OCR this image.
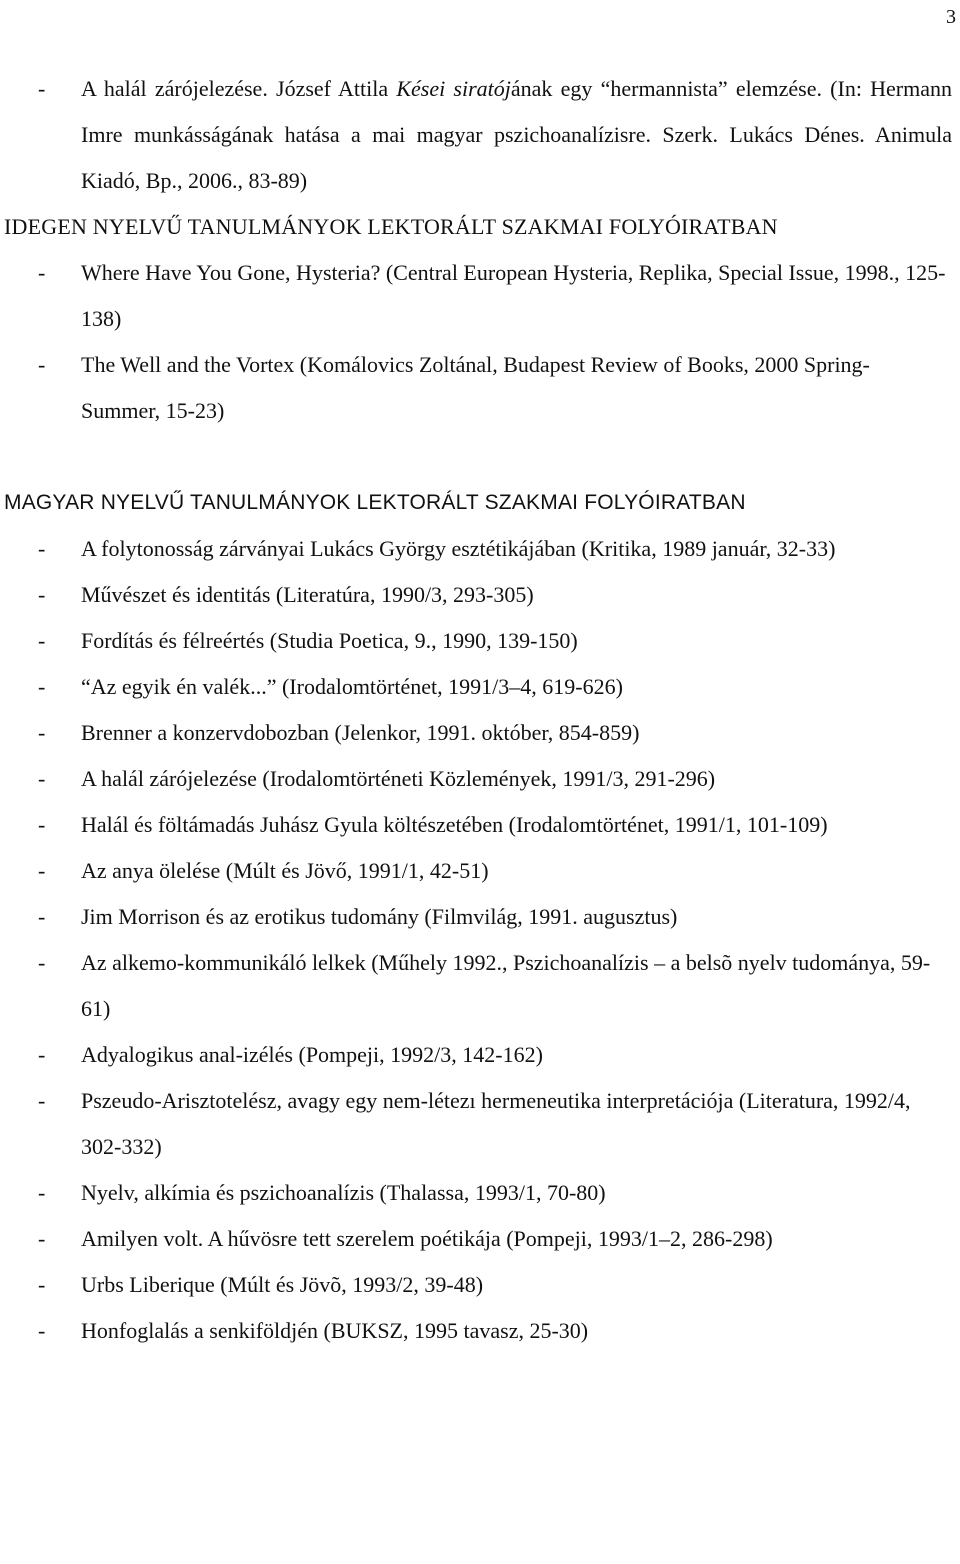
3

- A halál zárójelezése. József Attila Kései siratójának egy “hermannista” elemzése. (In: Hermann Imre munkásságának hatása a mai magyar pszichoanalízisre. Szerk. Lukács Dénes. Animula Kiadó, Bp., 2006., 83-89)

IDEGEN NYELVŰ TANULMÁNYOK LEKTORÁLT SZAKMAI FOLYÓIRATBAN

- Where Have You Gone, Hysteria? (Central European Hysteria, Replika, Special Issue, 1998., 125-138)

- The Well and the Vortex (Komálovics Zoltánal, Budapest Review of Books, 2000 Spring- Summer, 15-23)

MAGYAR NYELVŰ TANULMÁNYOK LEKTORÁLT SZAKMAI FOLYÓIRATBAN

- A folytonosság zárványai Lukács György esztétikájában (Kritika, 1989 január, 32-33)

- Művészet és identitás (Literatúra, 1990/3, 293-305)

- Fordítás és félreértés (Studia Poetica, 9., 1990, 139-150)

- “Az egyik én valék...” (Irodalomtörténet, 1991/3–4, 619-626)

- Brenner a konzervdobozban (Jelenkor, 1991. október, 854-859)

- A halál zárójelezése (Irodalomtörténeti Közlemények, 1991/3, 291-296)

- Halál és föltámadás Juhász Gyula költészetében (Irodalomtörténet, 1991/1, 101-109)

- Az anya ölelése (Múlt és Jövő, 1991/1, 42-51)

- Jim Morrison és az erotikus tudomány (Filmvilág, 1991. augusztus)

- Az alkemo-kommunikáló lelkek (Műhely 1992., Pszichoanalízis – a belsõ nyelv tudománya, 59-61)

- Adyalogikus anal-izélés (Pompeji, 1992/3, 142-162)

- Pszeudo-Arisztotelész, avagy egy nem-létezı hermeneutika interpretációja (Literatura, 1992/4, 302-332)

- Nyelv, alkímia és pszichoanalízis (Thalassa, 1993/1, 70-80)

- Amilyen volt. A hűvösre tett szerelem poétikája (Pompeji, 1993/1–2, 286-298)

- Urbs Liberique (Múlt és Jövõ, 1993/2, 39-48)

- Honfoglalás a senkiföldjén (BUKSZ, 1995 tavasz, 25-30)
